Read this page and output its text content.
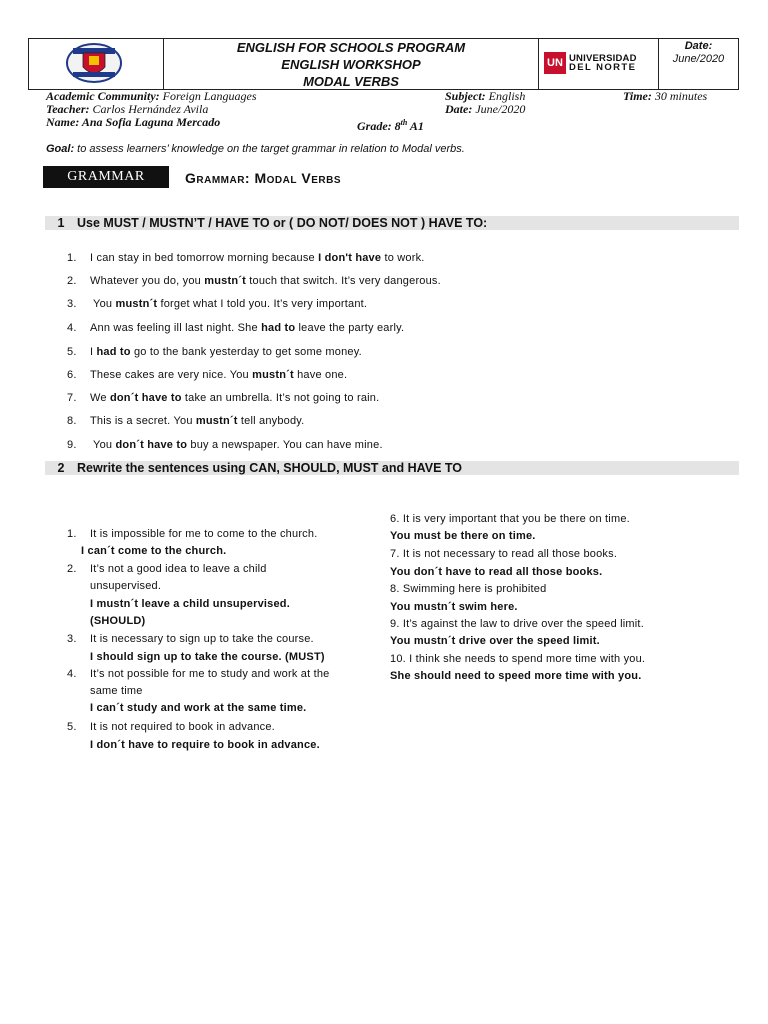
ENGLISH FOR SCHOOLS PROGRAM
ENGLISH WORKSHOP
MODAL VERBS
UN UNIVERSIDAD
DEL NORTE
Date:
June/2020
Academic Community: Foreign Languages	Subject: English	Time: 30 minutes
Teacher: Carlos Hernández Avila	Date: June/2020
Name: Ana Sofia Laguna Mercado	Grade: 8th A1
Goal: to assess learners’ knowledge on the target grammar in relation to Modal verbs.
GRAMMAR	Grammar: Modal Verbs
1 Use MUST / MUSTN’T / HAVE TO or ( DO NOT/ DOES NOT ) HAVE TO:
1. I can stay in bed tomorrow morning because I don't have to work.
2. Whatever you do, you mustn´t touch that switch. It’s very dangerous.
3. You mustn´t forget what I told you. It’s very important.
4. Ann was feeling ill last night. She had to leave the party early.
5. I had to go to the bank yesterday to get some money.
6. These cakes are very nice. You mustn´t have one.
7. We don´t have to take an umbrella. It’s not going to rain.
8. This is a secret. You mustn´t tell anybody.
9. You don´t have to buy a newspaper. You can have mine.
2 Rewrite the sentences using CAN, SHOULD, MUST and HAVE TO
1. It is impossible for me to come to the church.
I can´t come to the church.
2. It’s not a good idea to leave a child
unsupervised.
I mustn´t leave a child unsupervised.
(SHOULD)
3. It is necessary to sign up to take the course.
I should sign up to take the course. (MUST)
4. It’s not possible for me to study and work at the
same time
I can´t study and work at the same time.
5. It is not required to book in advance.
I don´t have to require to book in advance.
6. It is very important that you be there on time.
You must be there on time.
7. It is not necessary to read all those books.
You don´t have to read all those books.
8. Swimming here is prohibited
You mustn´t swim here.
9. It’s against the law to drive over the speed limit.
You mustn´t drive over the speed limit.
10. I think she needs to spend more time with you.
She should need to speed more time with you.
